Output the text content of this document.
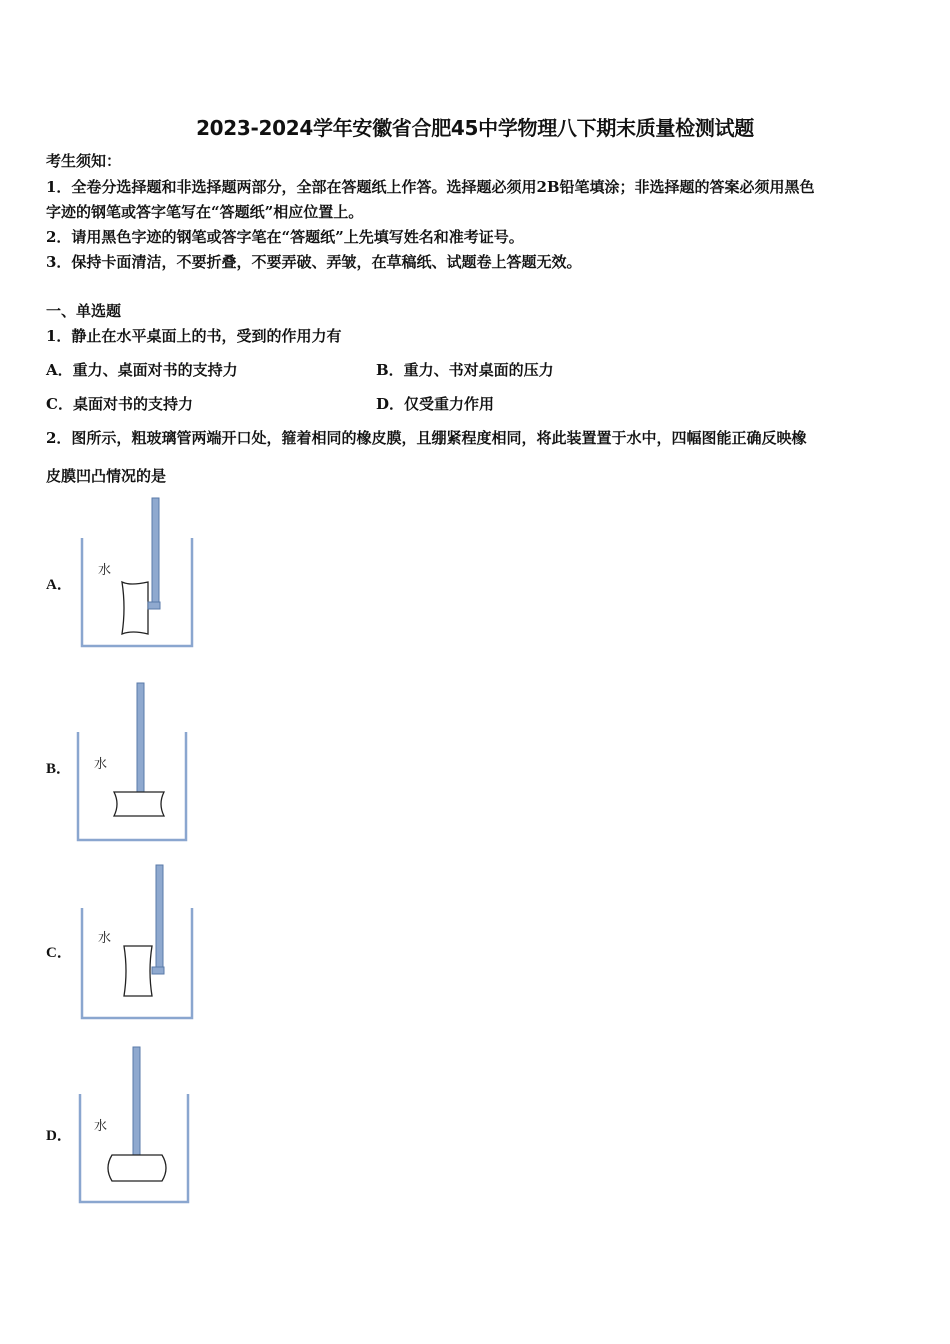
2023-2024学年安徽省合肥45中学物理八下期末质量检测试题
考生须知：
1．全卷分选择题和非选择题两部分，全部在答题纸上作答。选择题必须用2B铅笔填涂；非选择题的答案必须用黑色
字迹的钢笔或答字笔写在“答题纸”相应位置上。
2．请用黑色字迹的钢笔或答字笔在“答题纸”上先填写姓名和准考证号。
3．保持卡面清洁，不要折叠，不要弄破、弄皱，在草稿纸、试题卷上答题无效。
一、单选题
1．静止在水平桌面上的书，受到的作用力有
A．重力、桌面对书的支持力	B．重力、书对桌面的压力
C．桌面对书的支持力	D．仅受重力作用
2．图所示，粗玻璃管两端开口处，箍着相同的橡皮膜，且绷紧程度相同，将此装置置于水中，四幅图能正确反映橡
皮膜凹凸情况的是
A．
水
B． 水
C．
水
D．
水
